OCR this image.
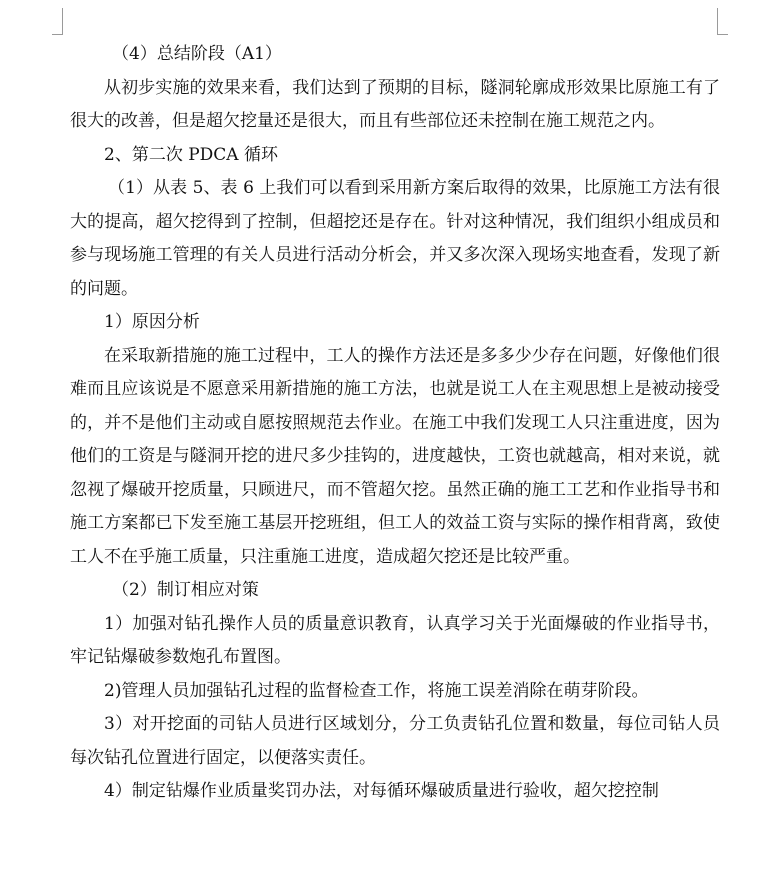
（4）总结阶段（A1）

从初步实施的效果来看，我们达到了预期的目标，隧洞轮廓成形效果比原施工有了很大的改善，但是超欠挖量还是很大，而且有些部位还未控制在施工规范之内。

2、第二次 PDCA 循环

（1）从表 5、表 6 上我们可以看到采用新方案后取得的效果，比原施工方法有很大的提高，超欠挖得到了控制，但超挖还是存在。针对这种情况，我们组织小组成员和参与现场施工管理的有关人员进行活动分析会，并又多次深入现场实地查看，发现了新的问题。

1）原因分析

在采取新措施的施工过程中，工人的操作方法还是多多少少存在问题，好像他们很难而且应该说是不愿意采用新措施的施工方法，也就是说工人在主观思想上是被动接受的，并不是他们主动或自愿按照规范去作业。在施工中我们发现工人只注重进度，因为他们的工资是与隧洞开挖的进尺多少挂钩的，进度越快，工资也就越高，相对来说，就忽视了爆破开挖质量，只顾进尺，而不管超欠挖。虽然正确的施工工艺和作业指导书和施工方案都已下发至施工基层开挖班组，但工人的效益工资与实际的操作相背离，致使工人不在乎施工质量，只注重施工进度，造成超欠挖还是比较严重。

（2）制订相应对策

1）加强对钻孔操作人员的质量意识教育，认真学习关于光面爆破的作业指导书，牢记钻爆破参数炮孔布置图。

2)管理人员加强钻孔过程的监督检查工作，将施工误差消除在萌芽阶段。

3）对开挖面的司钻人员进行区域划分，分工负责钻孔位置和数量，每位司钻人员每次钻孔位置进行固定，以便落实责任。

4）制定钻爆作业质量奖罚办法，对每循环爆破质量进行验收，超欠挖控制
